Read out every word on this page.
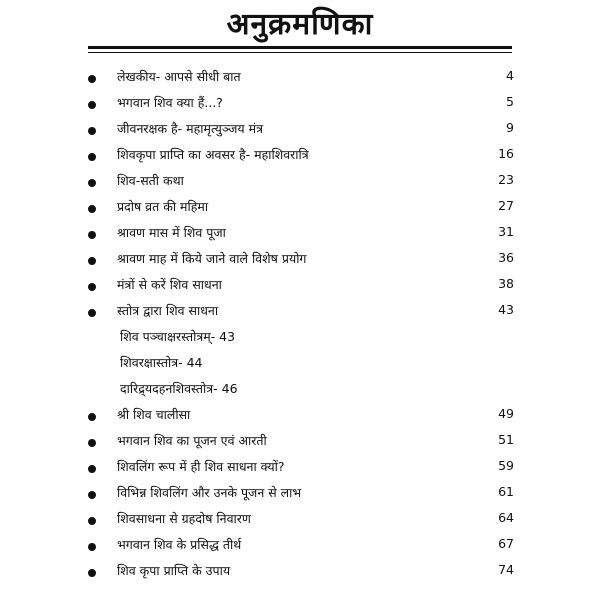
अनुक्रमणिका
लेखकीय- आपसे सीधी बात	4
भगवान शिव क्या हैं...?	5
जीवनरक्षक है- महामृत्युञ्जय मंत्र	9
शिवकृपा प्राप्ति का अवसर है- महाशिवरात्रि	16
शिव-सती कथा	23
प्रदोष व्रत की महिमा	27
श्रावण मास में शिव पूजा	31
श्रावण माह में किये जाने वाले विशेष प्रयोग	36
मंत्रों से करें शिव साधना	38
स्तोत्र द्वारा शिव साधना	43
शिव पञ्चाक्षरस्तोत्रम्- 43
शिवरक्षास्तोत्र- 44
दारिद्र्यदहनशिवस्तोत्र- 46
श्री शिव चालीसा	49
भगवान शिव का पूजन एवं आरती	51
शिवलिंग रूप में ही शिव साधना क्यों?	59
विभिन्न शिवलिंग और उनके पूजन से लाभ	61
शिवसाधना से ग्रहदोष निवारण	64
भगवान शिव के प्रसिद्ध तीर्थ	67
शिव कृपा प्राप्ति के उपाय	74
